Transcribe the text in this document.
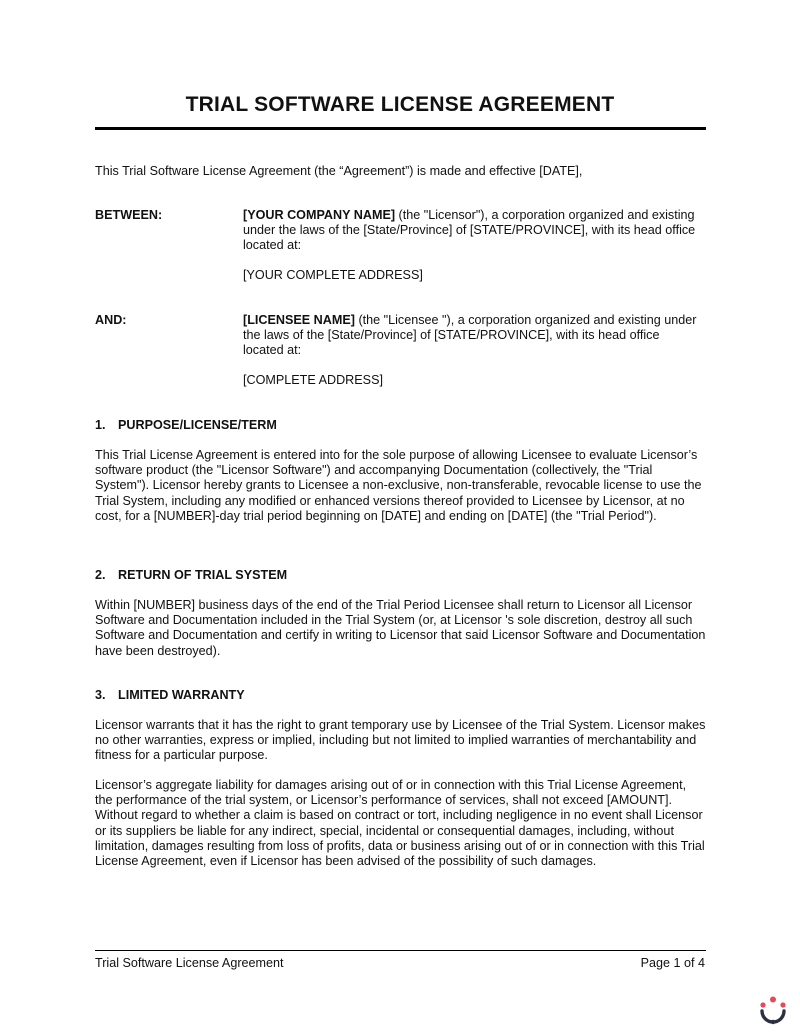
TRIAL SOFTWARE LICENSE AGREEMENT

This Trial Software License Agreement (the “Agreement”) is made and effective [DATE],

BETWEEN:	[YOUR COMPANY NAME] (the "Licensor"), a corporation organized and existing under the laws of the [State/Province] of [STATE/PROVINCE], with its head office located at:

[YOUR COMPLETE ADDRESS]

AND:	[LICENSEE NAME] (the "Licensee "), a corporation organized and existing under the laws of the [State/Province] of [STATE/PROVINCE], with its head office located at:

[COMPLETE ADDRESS]

1. PURPOSE/LICENSE/TERM

This Trial License Agreement is entered into for the sole purpose of allowing Licensee to evaluate Licensor’s software product (the "Licensor Software") and accompanying Documentation (collectively, the "Trial System"). Licensor hereby grants to Licensee a non-exclusive, non-transferable, revocable license to use the Trial System, including any modified or enhanced versions thereof provided to Licensee by Licensor, at no cost, for a [NUMBER]-day trial period beginning on [DATE] and ending on [DATE] (the "Trial Period").

2. RETURN OF TRIAL SYSTEM

Within [NUMBER] business days of the end of the Trial Period Licensee shall return to Licensor all Licensor Software and Documentation included in the Trial System (or, at Licensor 's sole discretion, destroy all such Software and Documentation and certify in writing to Licensor that said Licensor Software and Documentation have been destroyed).

3. LIMITED WARRANTY

Licensor warrants that it has the right to grant temporary use by Licensee of the Trial System. Licensor makes no other warranties, express or implied, including but not limited to implied warranties of merchantability and fitness for a particular purpose.

Licensor’s aggregate liability for damages arising out of or in connection with this Trial License Agreement, the performance of the trial system, or Licensor’s performance of services, shall not exceed [AMOUNT]. Without regard to whether a claim is based on contract or tort, including negligence in no event shall Licensor or its suppliers be liable for any indirect, special, incidental or consequential damages, including, without limitation, damages resulting from loss of profits, data or business arising out of or in connection with this Trial License Agreement, even if Licensor has been advised of the possibility of such damages.

Trial Software License Agreement	Page 1 of 4
